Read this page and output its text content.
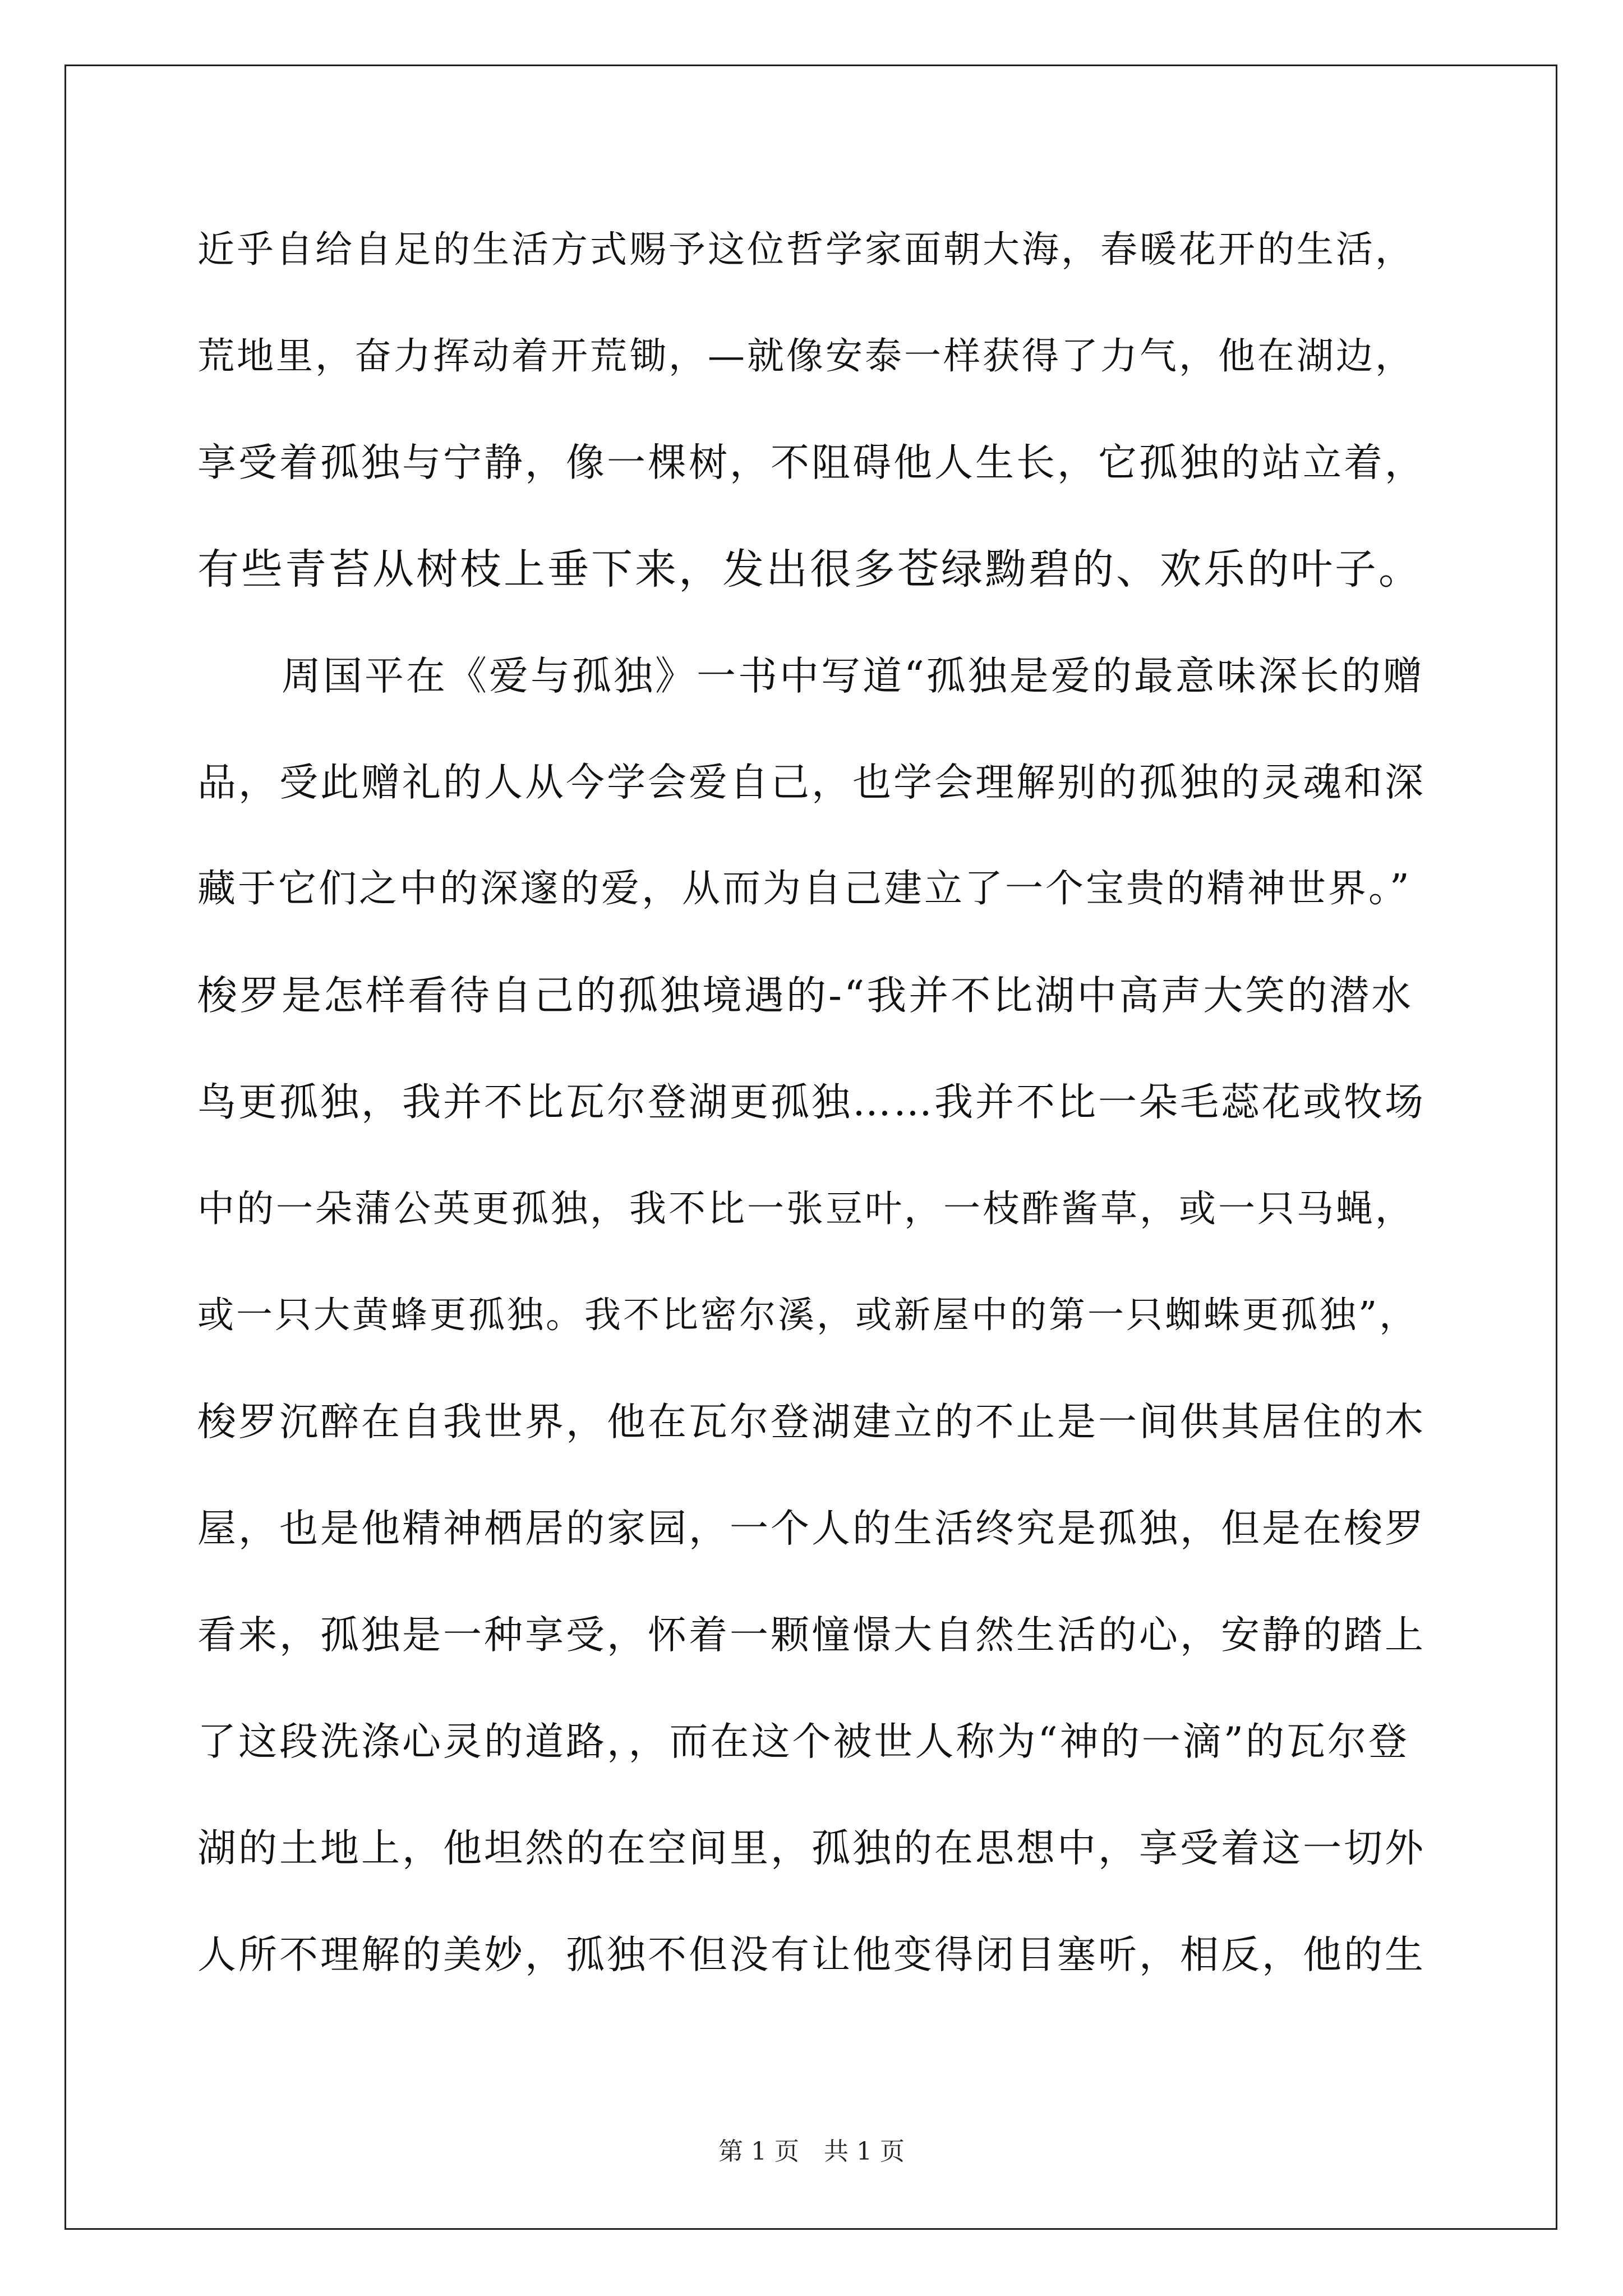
近乎自给自足的生活方式赐予这位哲学家面朝大海，春暖花开的生活，
荒地里，奋力挥动着开荒锄，—就像安泰一样获得了力气，他在湖边，
享受着孤独与宁静，像一棵树，不阻碍他人生长，它孤独的站立着，
有些青苔从树枝上垂下来，发出很多苍绿黝碧的、欢乐的叶子。
周国平在《爱与孤独》一书中写道“孤独是爱的最意味深长的赠
品，受此赠礼的人从今学会爱自己，也学会理解别的孤独的灵魂和深
藏于它们之中的深邃的爱，从而为自己建立了一个宝贵的精神世界。”
梭罗是怎样看待自己的孤独境遇的-“我并不比湖中高声大笑的潜水
鸟更孤独，我并不比瓦尔登湖更孤独……我并不比一朵毛蕊花或牧场
中的一朵蒲公英更孤独，我不比一张豆叶，一枝酢酱草，或一只马蝇，
或一只大黄蜂更孤独。我不比密尔溪，或新屋中的第一只蜘蛛更孤独”，
梭罗沉醉在自我世界，他在瓦尔登湖建立的不止是一间供其居住的木
屋，也是他精神栖居的家园，一个人的生活终究是孤独，但是在梭罗
看来，孤独是一种享受，怀着一颗憧憬大自然生活的心，安静的踏上
了这段洗涤心灵的道路，，而在这个被世人称为“神的一滴”的瓦尔登
湖的土地上，他坦然的在空间里，孤独的在思想中，享受着这一切外
人所不理解的美妙，孤独不但没有让他变得闭目塞听，相反，他的生
第 1 页　共 1 页
